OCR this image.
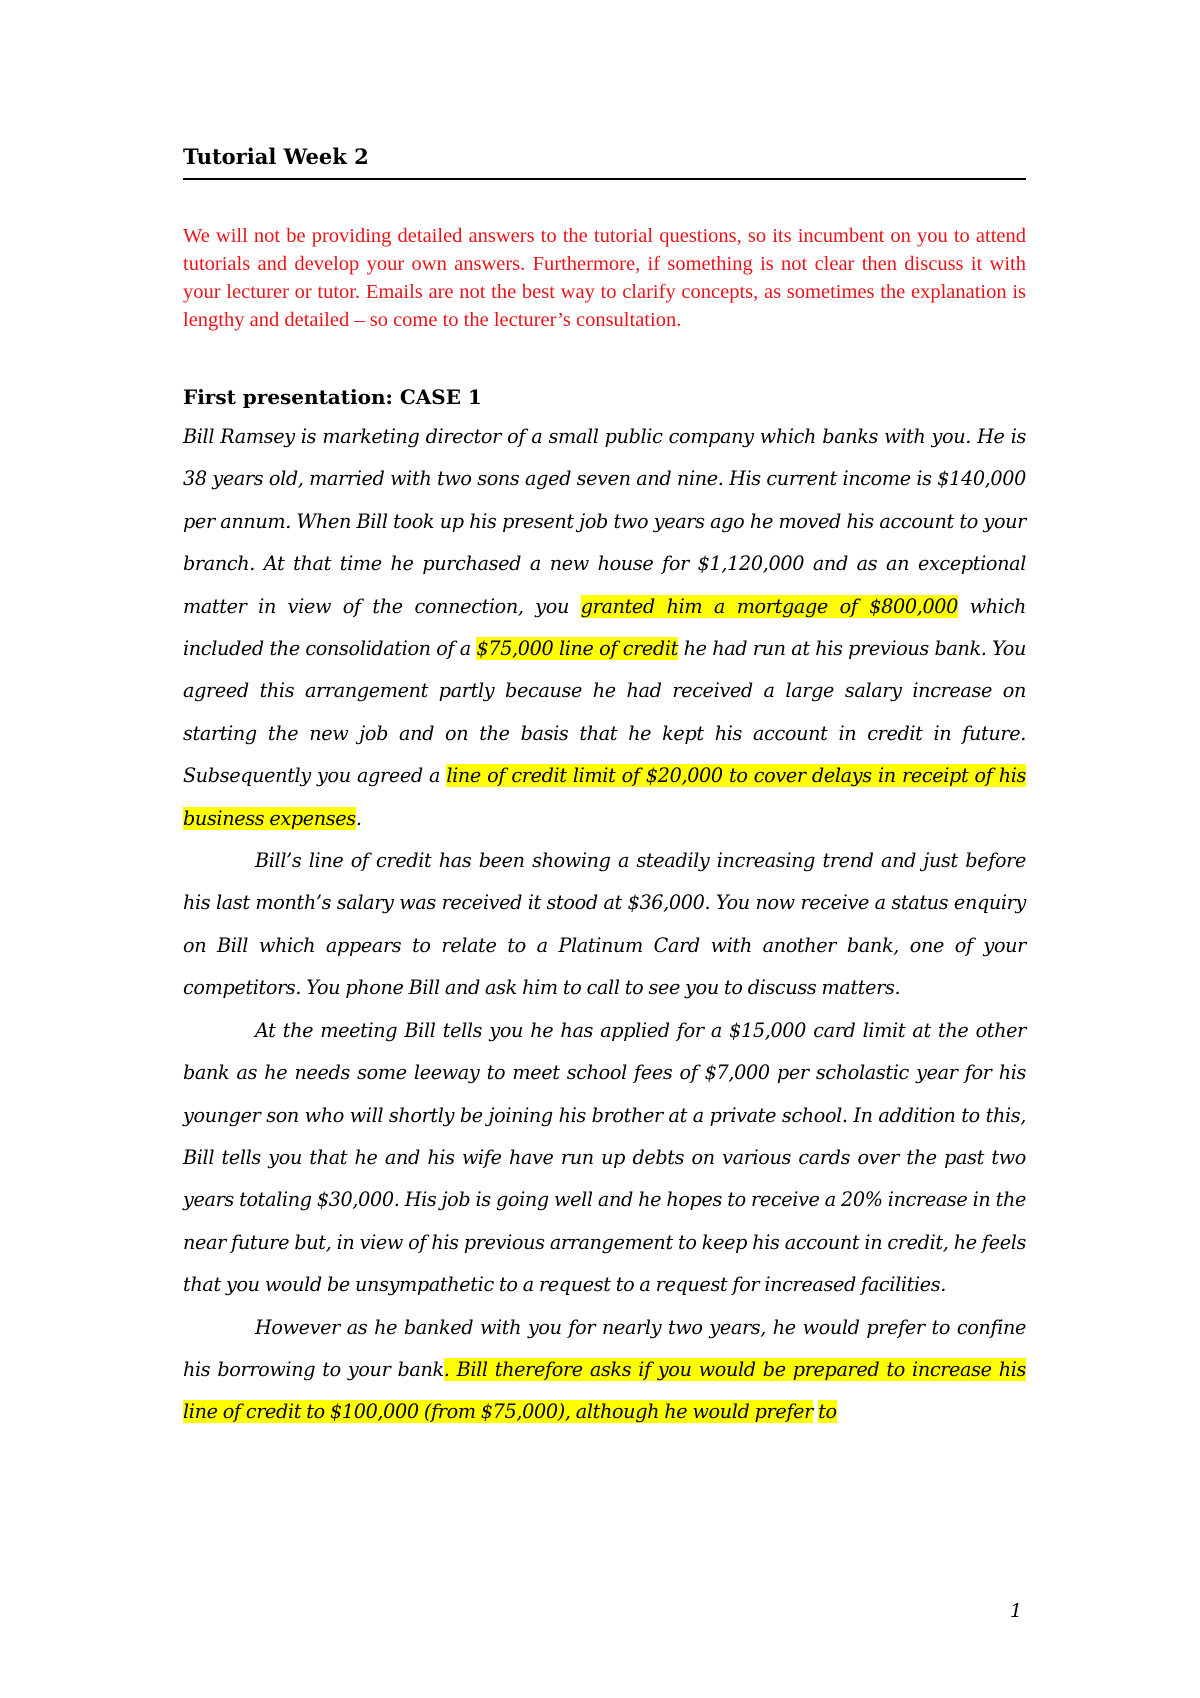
Tutorial Week 2

We will not be providing detailed answers to the tutorial questions, so its incumbent on you to attend tutorials and develop your own answers. Furthermore, if something is not clear then discuss it with your lecturer or tutor. Emails are not the best way to clarify concepts, as sometimes the explanation is lengthy and detailed – so come to the lecturer’s consultation.

First presentation: CASE 1

Bill Ramsey is marketing director of a small public company which banks with you. He is 38 years old, married with two sons aged seven and nine. His current income is $140,000 per annum. When Bill took up his present job two years ago he moved his account to your branch. At that time he purchased a new house for $1,120,000 and as an exceptional matter in view of the connection, you granted him a mortgage of $800,000 which included the consolidation of a $75,000 line of credit he had run at his previous bank. You agreed this arrangement partly because he had received a large salary increase on starting the new job and on the basis that he kept his account in credit in future. Subsequently you agreed a line of credit limit of $20,000 to cover delays in receipt of his business expenses.

Bill’s line of credit has been showing a steadily increasing trend and just before his last month’s salary was received it stood at $36,000. You now receive a status enquiry on Bill which appears to relate to a Platinum Card with another bank, one of your competitors. You phone Bill and ask him to call to see you to discuss matters.

At the meeting Bill tells you he has applied for a $15,000 card limit at the other bank as he needs some leeway to meet school fees of $7,000 per scholastic year for his younger son who will shortly be joining his brother at a private school. In addition to this, Bill tells you that he and his wife have run up debts on various cards over the past two years totaling $30,000. His job is going well and he hopes to receive a 20% increase in the near future but, in view of his previous arrangement to keep his account in credit, he feels that you would be unsympathetic to a request to a request for increased facilities.

However as he banked with you for nearly two years, he would prefer to confine his borrowing to your bank. Bill therefore asks if you would be prepared to increase his line of credit to $100,000 (from $75,000), although he would prefer to

1
